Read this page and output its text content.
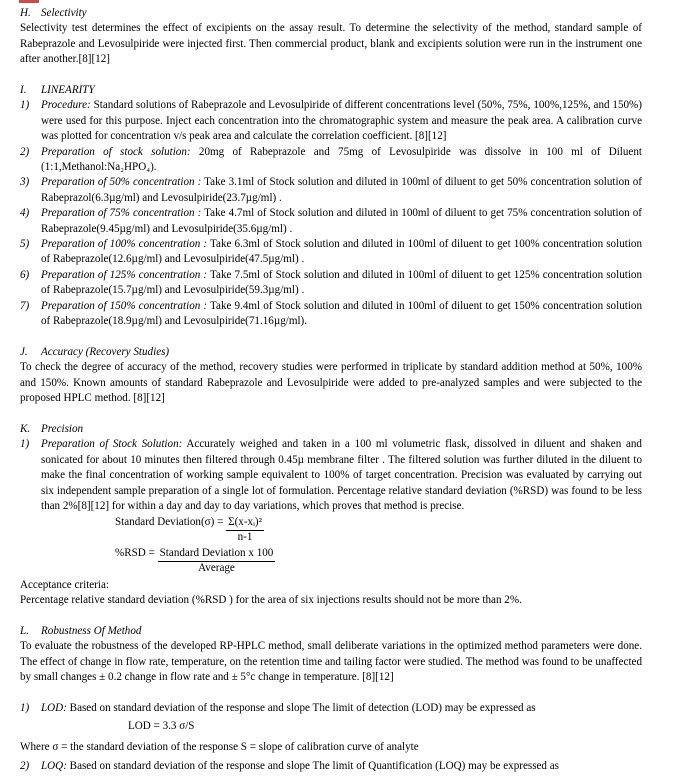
H. Selectivity

Selectivity test determines the effect of excipients on the assay result. To determine the selectivity of the method, standard sample of Rabeprazole and Levosulpiride were injected first. Then commercial product, blank and excipients solution were run in the instrument one after another.[8][12]

I. LINEARITY
1) Procedure: Standard solutions of Rabeprazole and Levosulpiride of different concentrations level (50%, 75%, 100%,125%, and 150%) were used for this purpose. Inject each concentration into the chromatographic system and measure the peak area. A calibration curve was plotted for concentration v/s peak area and calculate the correlation coefficient. [8][12]
2) Preparation of stock solution: 20mg of Rabeprazole and 75mg of Levosulpiride was dissolve in 100 ml of Diluent (1:1,Methanol:Na₂HPO₄).
3) Preparation of 50% concentration : Take 3.1ml of Stock solution and diluted in 100ml of diluent to get 50% concentration solution of Rabeprazol(6.3µg/ml) and Levosulpiride(23.7µg/ml) .
4) Preparation of 75% concentration : Take 4.7ml of Stock solution and diluted in 100ml of diluent to get 75% concentration solution of Rabeprazole(9.45µg/ml) and Levosulpiride(35.6µg/ml) .
5) Preparation of 100% concentration : Take 6.3ml of Stock solution and diluted in 100ml of diluent to get 100% concentration solution of Rabeprazole(12.6µg/ml) and Levosulpiride(47.5µg/ml) .
6) Preparation of 125% concentration : Take 7.5ml of Stock solution and diluted in 100ml of diluent to get 125% concentration solution of Rabeprazole(15.7µg/ml) and Levosulpiride(59.3µg/ml) .
7) Preparation of 150% concentration : Take 9.4ml of Stock solution and diluted in 100ml of diluent to get 150% concentration solution of Rabeprazole(18.9µg/ml) and Levosulpiride(71.16µg/ml).
J. Accuracy (Recovery Studies)

To check the degree of accuracy of the method, recovery studies were performed in triplicate by standard addition method at 50%, 100% and 150%. Known amounts of standard Rabeprazole and Levosulpiride were added to pre-analyzed samples and were subjected to the proposed HPLC method. [8][12]

K. Precision
1) Preparation of Stock Solution: Accurately weighed and taken in a 100 ml volumetric flask, dissolved in diluent and shaken and sonicated for about 10 minutes then filtered through 0.45µ membrane filter . The filtered solution was further diluted in the diluent to make the final concentration of working sample equivalent to 100% of target concentration. Precision was evaluated by carrying out six independent sample preparation of a single lot of formulation. Percentage relative standard deviation (%RSD) was found to be less than 2%[8][12] for within a day and day to day variations, which proves that method is precise.
Standard Deviation(σ) = $\frac{\text{Σ(x-xᵢ)²}}{n-1}$
$\%RSD = \frac{\text{Standard Deviation x 100}}{\text{Average}}$
Acceptance criteria:

Percentage relative standard deviation (%RSD ) for the area of six injections results should not be more than 2%.

L. Robustness Of Method

To evaluate the robustness of the developed RP-HPLC method, small deliberate variations in the optimized method parameters were done. The effect of change in flow rate, temperature, on the retention time and tailing factor were studied. The method was found to be unaffected by small changes ± 0.2 change in flow rate and ± 5°c change in temperature. [8][12]

1) LOD: Based on standard deviation of the response and slope The limit of detection (LOD) may be expressed as
LOD = 3.3 σ/S
Where σ = the standard deviation of the response S = slope of calibration curve of analyte
2) LOQ: Based on standard deviation of the response and slope The limit of Quantification (LOQ) may be expressed as
